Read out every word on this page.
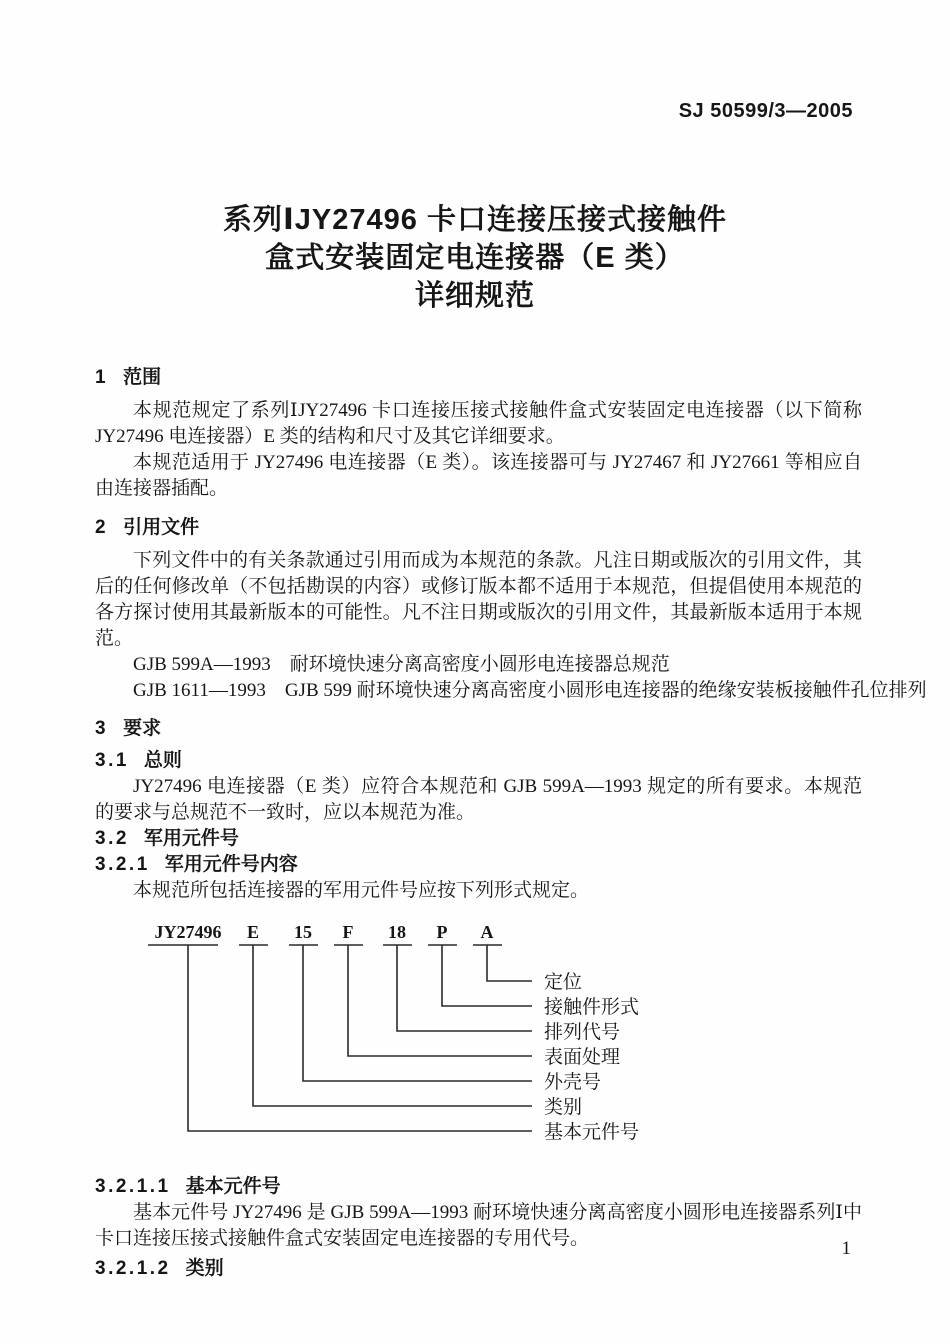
SJ 50599/3—2005
系列ⅠJY27496 卡口连接压接式接触件
盒式安装固定电连接器（E 类）
详细规范
1 范围
本规范规定了系列ⅠJY27496 卡口连接压接式接触件盒式安装固定电连接器（以下简称 JY27496 电连接器）E 类的结构和尺寸及其它详细要求。
本规范适用于 JY27496 电连接器（E 类）。该连接器可与 JY27467 和 JY27661 等相应自由连接器插配。
2 引用文件
下列文件中的有关条款通过引用而成为本规范的条款。凡注日期或版次的引用文件，其后的任何修改单（不包括勘误的内容）或修订版本都不适用于本规范，但提倡使用本规范的各方探讨使用其最新版本的可能性。凡不注日期或版次的引用文件，其最新版本适用于本规范。
GJB 599A—1993　耐环境快速分离高密度小圆形电连接器总规范
GJB 1611—1993　GJB 599 耐环境快速分离高密度小圆形电连接器的绝缘安装板接触件孔位排列
3 要求
3.1 总则
JY27496 电连接器（E 类）应符合本规范和 GJB 599A—1993 规定的所有要求。本规范的要求与总规范不一致时，应以本规范为准。
3.2 军用元件号
3.2.1 军用元件号内容
本规范所包括连接器的军用元件号应按下列形式规定。
JY27496 E 15 F 18 P A
定位
接触件形式
排列代号
表面处理
外壳号
类别
基本元件号
3.2.1.1 基本元件号
基本元件号 JY27496 是 GJB 599A—1993 耐环境快速分离高密度小圆形电连接器系列Ⅰ中卡口连接压接式接触件盒式安装固定电连接器的专用代号。
3.2.1.2 类别
1
